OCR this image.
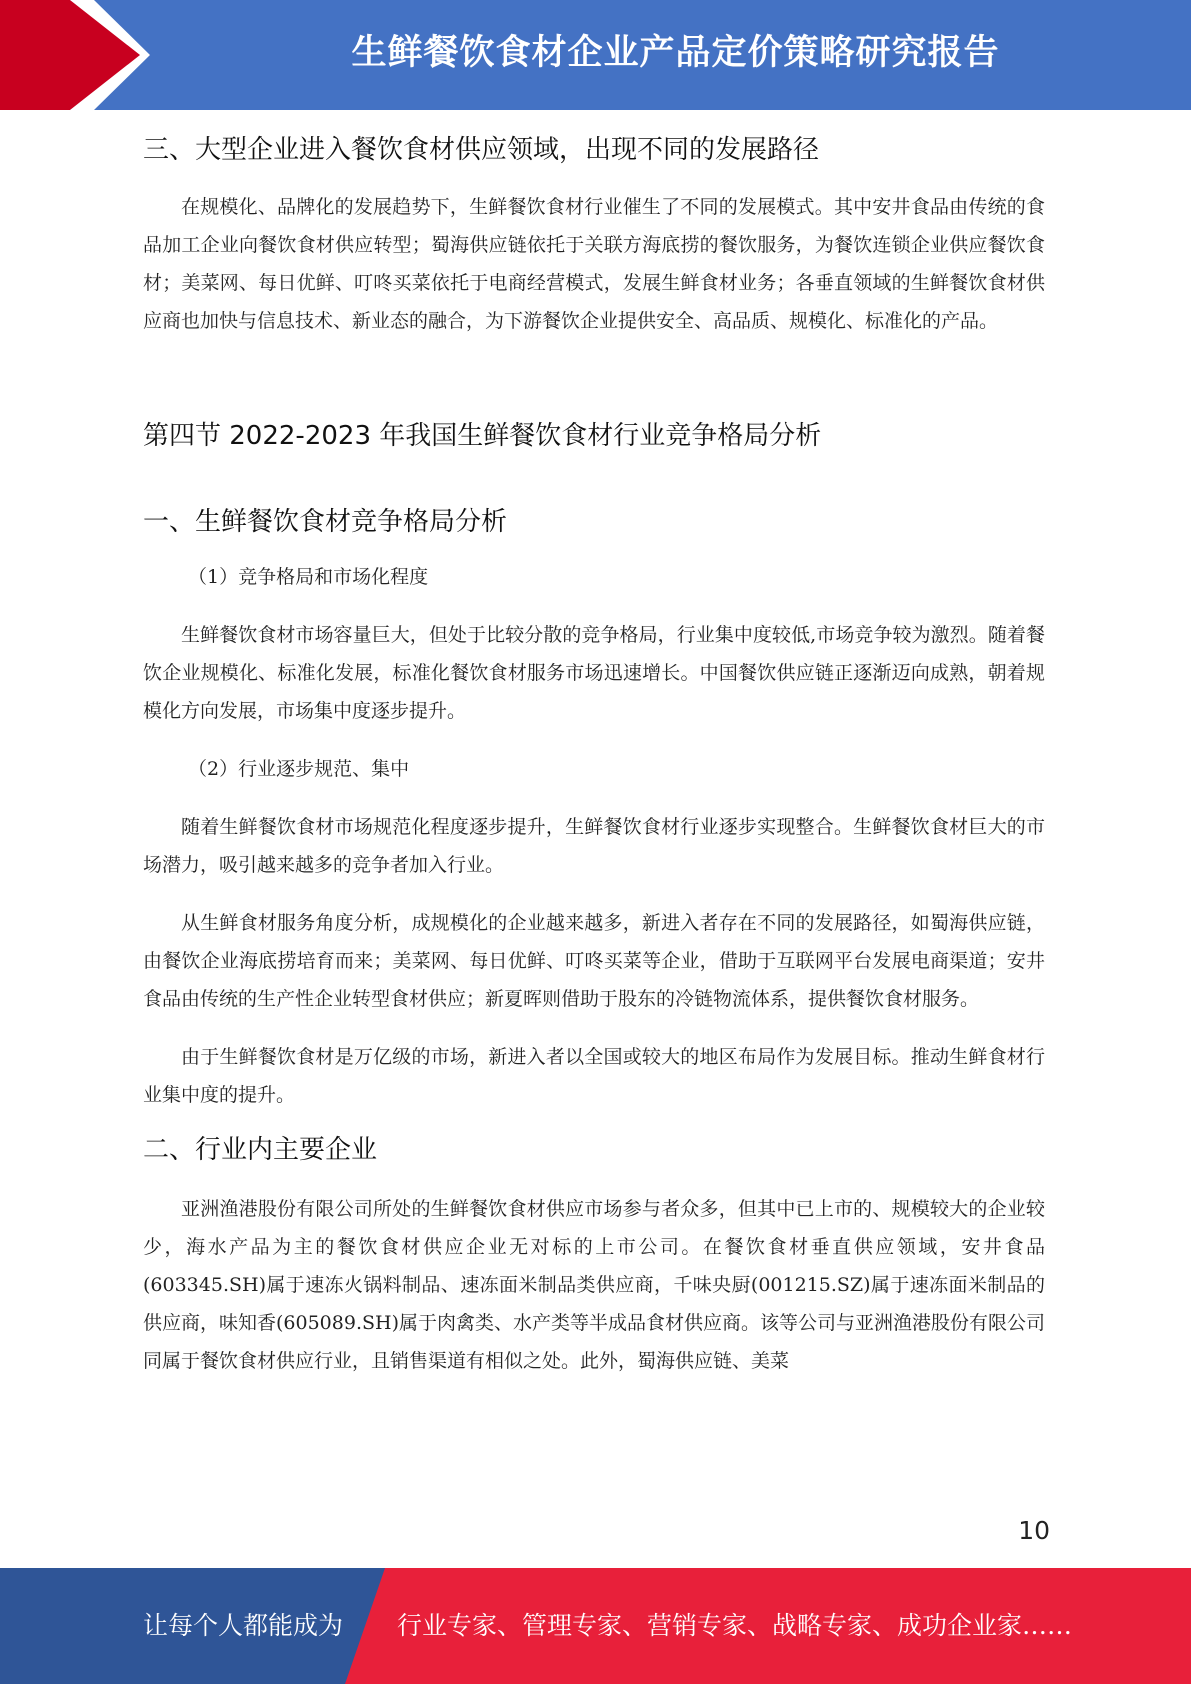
生鲜餐饮食材企业产品定价策略研究报告
三、大型企业进入餐饮食材供应领域，出现不同的发展路径

在规模化、品牌化的发展趋势下，生鲜餐饮食材行业催生了不同的发展模式。其中安井食品由传统的食品加工企业向餐饮食材供应转型；蜀海供应链依托于关联方海底捞的餐饮服务，为餐饮连锁企业供应餐饮食材；美菜网、每日优鲜、叮咚买菜依托于电商经营模式，发展生鲜食材业务；各垂直领域的生鲜餐饮食材供应商也加快与信息技术、新业态的融合，为下游餐饮企业提供安全、高品质、规模化、标准化的产品。

第四节 2022-2023 年我国生鲜餐饮食材行业竞争格局分析
一、生鲜餐饮食材竞争格局分析

（1）竞争格局和市场化程度

生鲜餐饮食材市场容量巨大，但处于比较分散的竞争格局，行业集中度较低,市场竞争较为激烈。随着餐饮企业规模化、标准化发展，标准化餐饮食材服务市场迅速增长。中国餐饮供应链正逐渐迈向成熟，朝着规模化方向发展，市场集中度逐步提升。

（2）行业逐步规范、集中

随着生鲜餐饮食材市场规范化程度逐步提升，生鲜餐饮食材行业逐步实现整合。生鲜餐饮食材巨大的市场潜力，吸引越来越多的竞争者加入行业。

从生鲜食材服务角度分析，成规模化的企业越来越多，新进入者存在不同的发展路径，如蜀海供应链，由餐饮企业海底捞培育而来；美菜网、每日优鲜、叮咚买菜等企业，借助于互联网平台发展电商渠道；安井食品由传统的生产性企业转型食材供应；新夏晖则借助于股东的冷链物流体系，提供餐饮食材服务。

由于生鲜餐饮食材是万亿级的市场，新进入者以全国或较大的地区布局作为发展目标。推动生鲜食材行业集中度的提升。

二、行业内主要企业

亚洲渔港股份有限公司所处的生鲜餐饮食材供应市场参与者众多，但其中已上市的、规模较大的企业较少，海水产品为主的餐饮食材供应企业无对标的上市公司。在餐饮食材垂直供应领域，安井食品(603345.SH)属于速冻火锅料制品、速冻面米制品类供应商，千味央厨(001215.SZ)属于速冻面米制品的供应商，味知香(605089.SH)属于肉禽类、水产类等半成品食材供应商。该等公司与亚洲渔港股份有限公司同属于餐饮食材供应行业，且销售渠道有相似之处。此外，蜀海供应链、美菜

10
让每个人都能成为 行业专家、管理专家、营销专家、战略专家、成功企业家……
